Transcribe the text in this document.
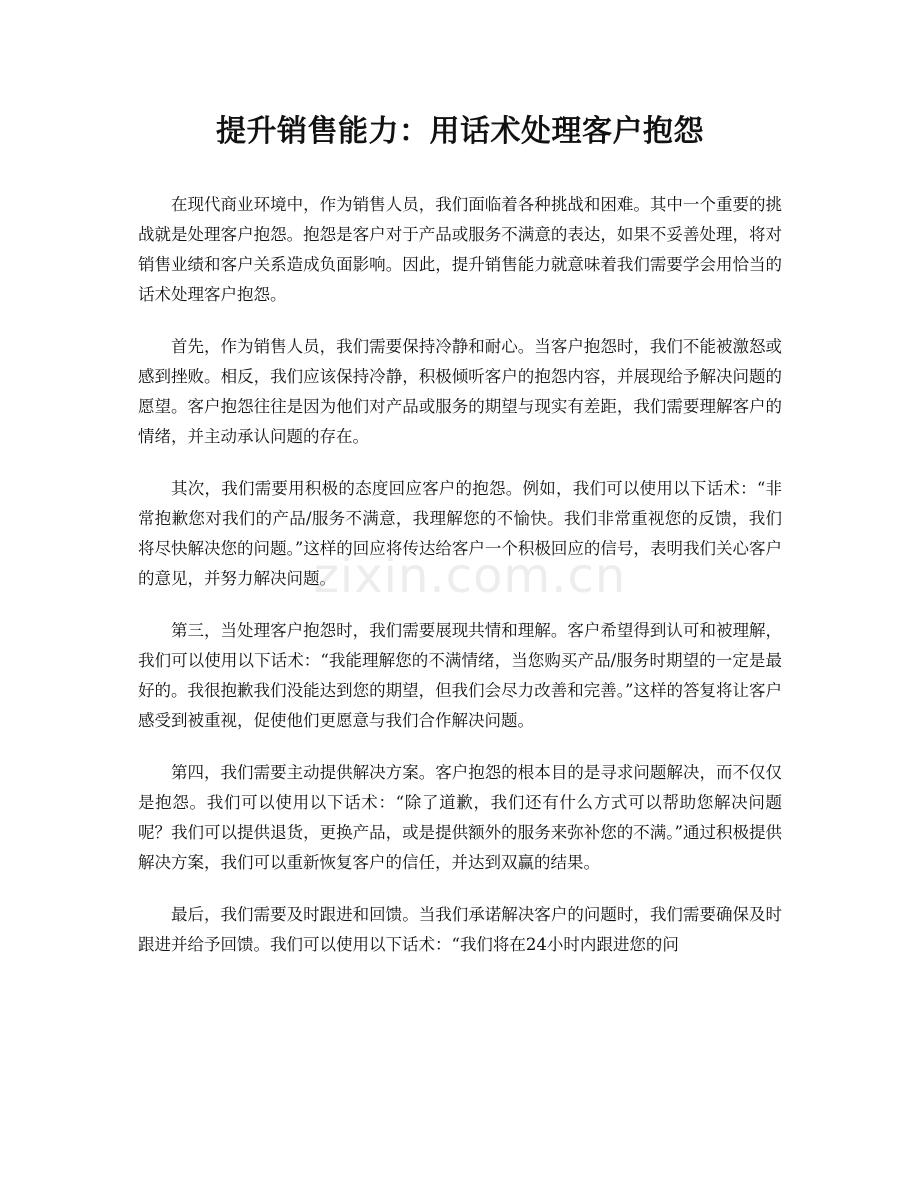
提升销售能力：用话术处理客户抱怨

在现代商业环境中，作为销售人员，我们面临着各种挑战和困难。其中一个重要的挑战就是处理客户抱怨。抱怨是客户对于产品或服务不满意的表达，如果不妥善处理，将对销售业绩和客户关系造成负面影响。因此，提升销售能力就意味着我们需要学会用恰当的话术处理客户抱怨。

首先，作为销售人员，我们需要保持冷静和耐心。当客户抱怨时，我们不能被激怒或感到挫败。相反，我们应该保持冷静，积极倾听客户的抱怨内容，并展现给予解决问题的愿望。客户抱怨往往是因为他们对产品或服务的期望与现实有差距，我们需要理解客户的情绪，并主动承认问题的存在。

其次，我们需要用积极的态度回应客户的抱怨。例如，我们可以使用以下话术：“非常抱歉您对我们的产品/服务不满意，我理解您的不愉快。我们非常重视您的反馈，我们将尽快解决您的问题。”这样的回应将传达给客户一个积极回应的信号，表明我们关心客户的意见，并努力解决问题。

第三，当处理客户抱怨时，我们需要展现共情和理解。客户希望得到认可和被理解，我们可以使用以下话术：“我能理解您的不满情绪，当您购买产品/服务时期望的一定是最好的。我很抱歉我们没能达到您的期望，但我们会尽力改善和完善。”这样的答复将让客户感受到被重视，促使他们更愿意与我们合作解决问题。

第四，我们需要主动提供解决方案。客户抱怨的根本目的是寻求问题解决，而不仅仅是抱怨。我们可以使用以下话术：“除了道歉，我们还有什么方式可以帮助您解决问题呢？我们可以提供退货，更换产品，或是提供额外的服务来弥补您的不满。”通过积极提供解决方案，我们可以重新恢复客户的信任，并达到双赢的结果。

最后，我们需要及时跟进和回馈。当我们承诺解决客户的问题时，我们需要确保及时跟进并给予回馈。我们可以使用以下话术：“我们将在24小时内跟进您的问

zixin.com.cn
